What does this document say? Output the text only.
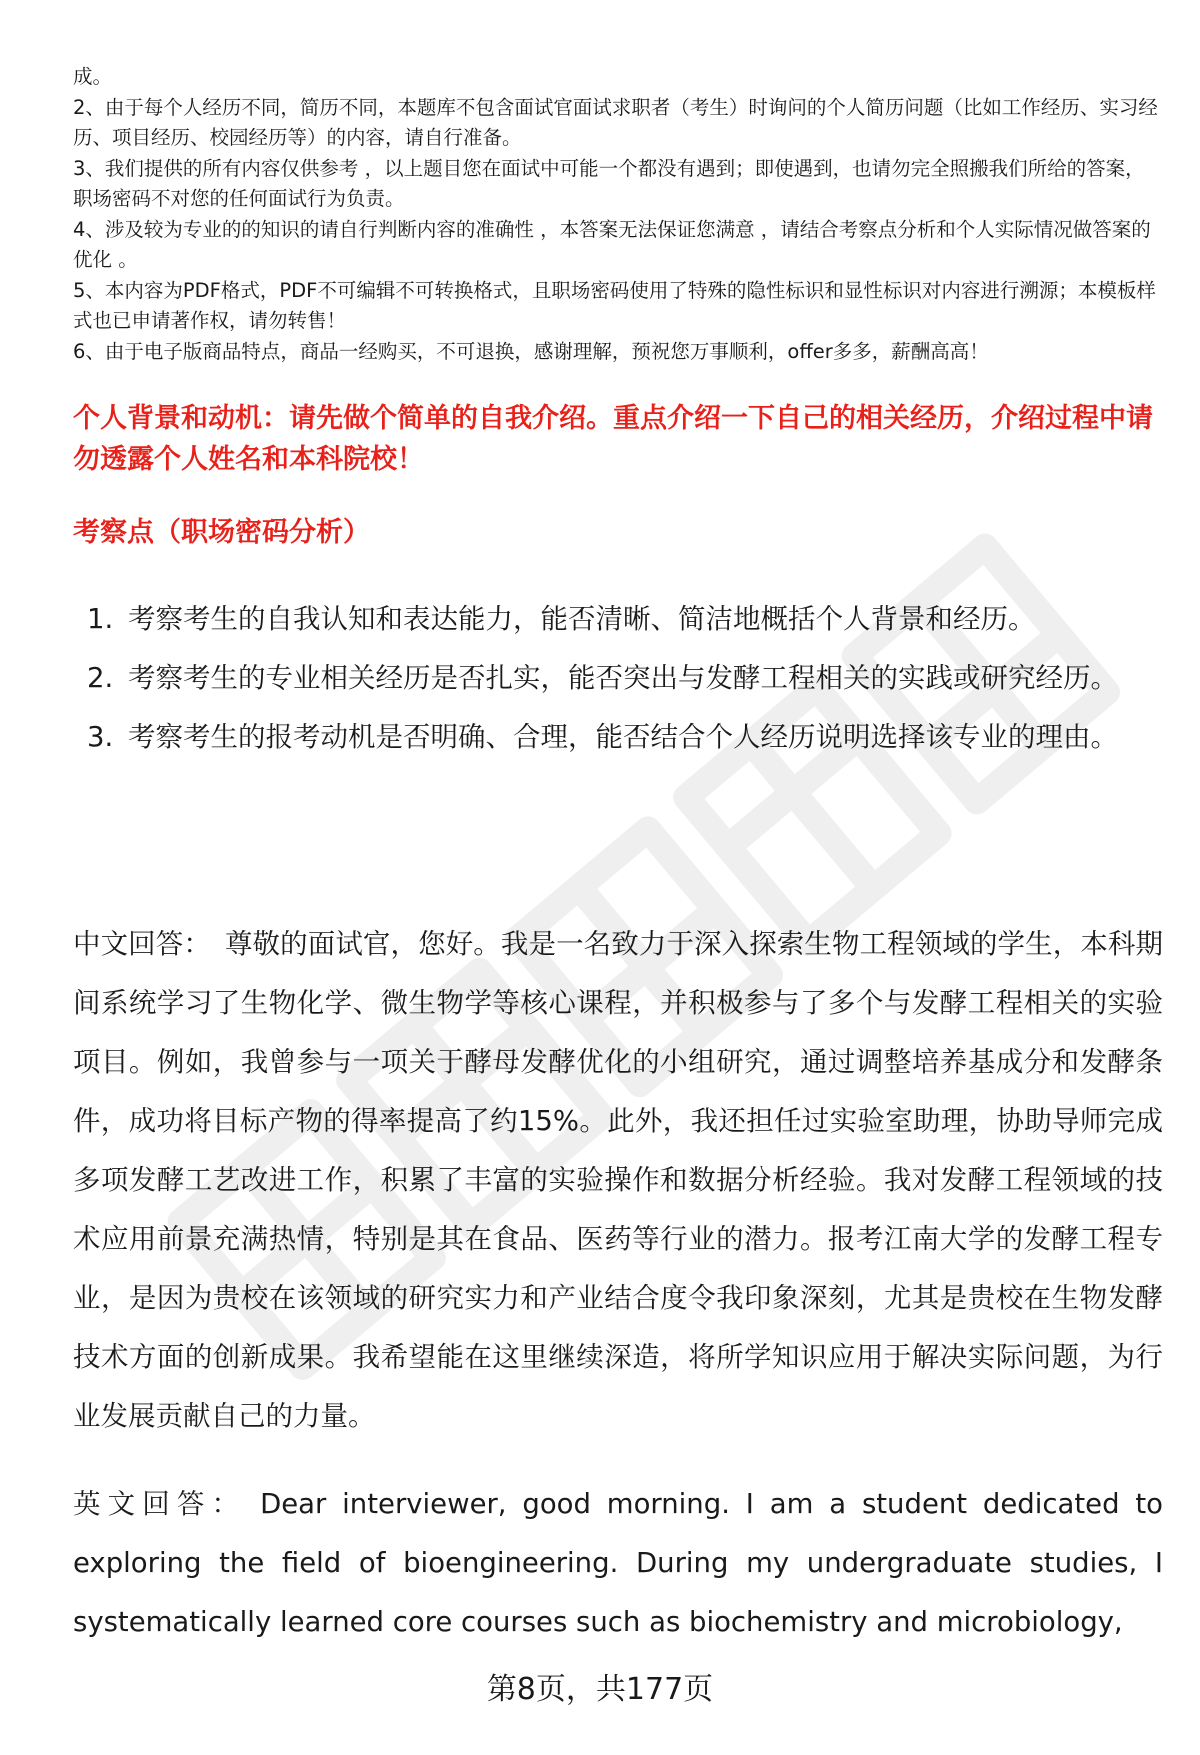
成。

2、由于每个人经历不同，简历不同，本题库不包含面试官面试求职者（考生）时询问的个人简历问题（比如工作经历、实习经历、项目经历、校园经历等）的内容，请自行准备。

3、我们提供的所有内容仅供参考 ，以上题目您在面试中可能一个都没有遇到；即使遇到，也请勿完全照搬我们所给的答案，职场密码不对您的任何面试行为负责。

4、涉及较为专业的的知识的请自行判断内容的准确性 ，本答案无法保证您满意 ，请结合考察点分析和个人实际情况做答案的优化 。

5、本内容为PDF格式，PDF不可编辑不可转换格式，且职场密码使用了特殊的隐性标识和显性标识对内容进行溯源；本模板样式也已申请著作权，请勿转售！

6、由于电子版商品特点，商品一经购买，不可退换，感谢理解，预祝您万事顺利，offer多多，薪酬高高！

个人背景和动机：请先做个简单的自我介绍。重点介绍一下自己的相关经历，介绍过程中请勿透露个人姓名和本科院校！
考察点（职场密码分析）
1. 考察考生的自我认知和表达能力，能否清晰、简洁地概括个人背景和经历。
2. 考察考生的专业相关经历是否扎实，能否突出与发酵工程相关的实践或研究经历。
3. 考察考生的报考动机是否明确、合理，能否结合个人经历说明选择该专业的理由。

中文回答： 尊敬的面试官，您好。我是一名致力于深入探索生物工程领域的学生，本科期间系统学习了生物化学、微生物学等核心课程，并积极参与了多个与发酵工程相关的实验项目。例如，我曾参与一项关于酵母发酵优化的小组研究，通过调整培养基成分和发酵条件，成功将目标产物的得率提高了约15%。此外，我还担任过实验室助理，协助导师完成多项发酵工艺改进工作，积累了丰富的实验操作和数据分析经验。我对发酵工程领域的技术应用前景充满热情，特别是其在食品、医药等行业的潜力。报考江南大学的发酵工程专业，是因为贵校在该领域的研究实力和产业结合度令我印象深刻，尤其是贵校在生物发酵技术方面的创新成果。我希望能在这里继续深造，将所学知识应用于解决实际问题，为行业发展贡献自己的力量。

英文回答： Dear interviewer, good morning. I am a student dedicated to exploring the field of bioengineering. During my undergraduate studies, I systematically learned core courses such as biochemistry and microbiology,

第8页，共177页
